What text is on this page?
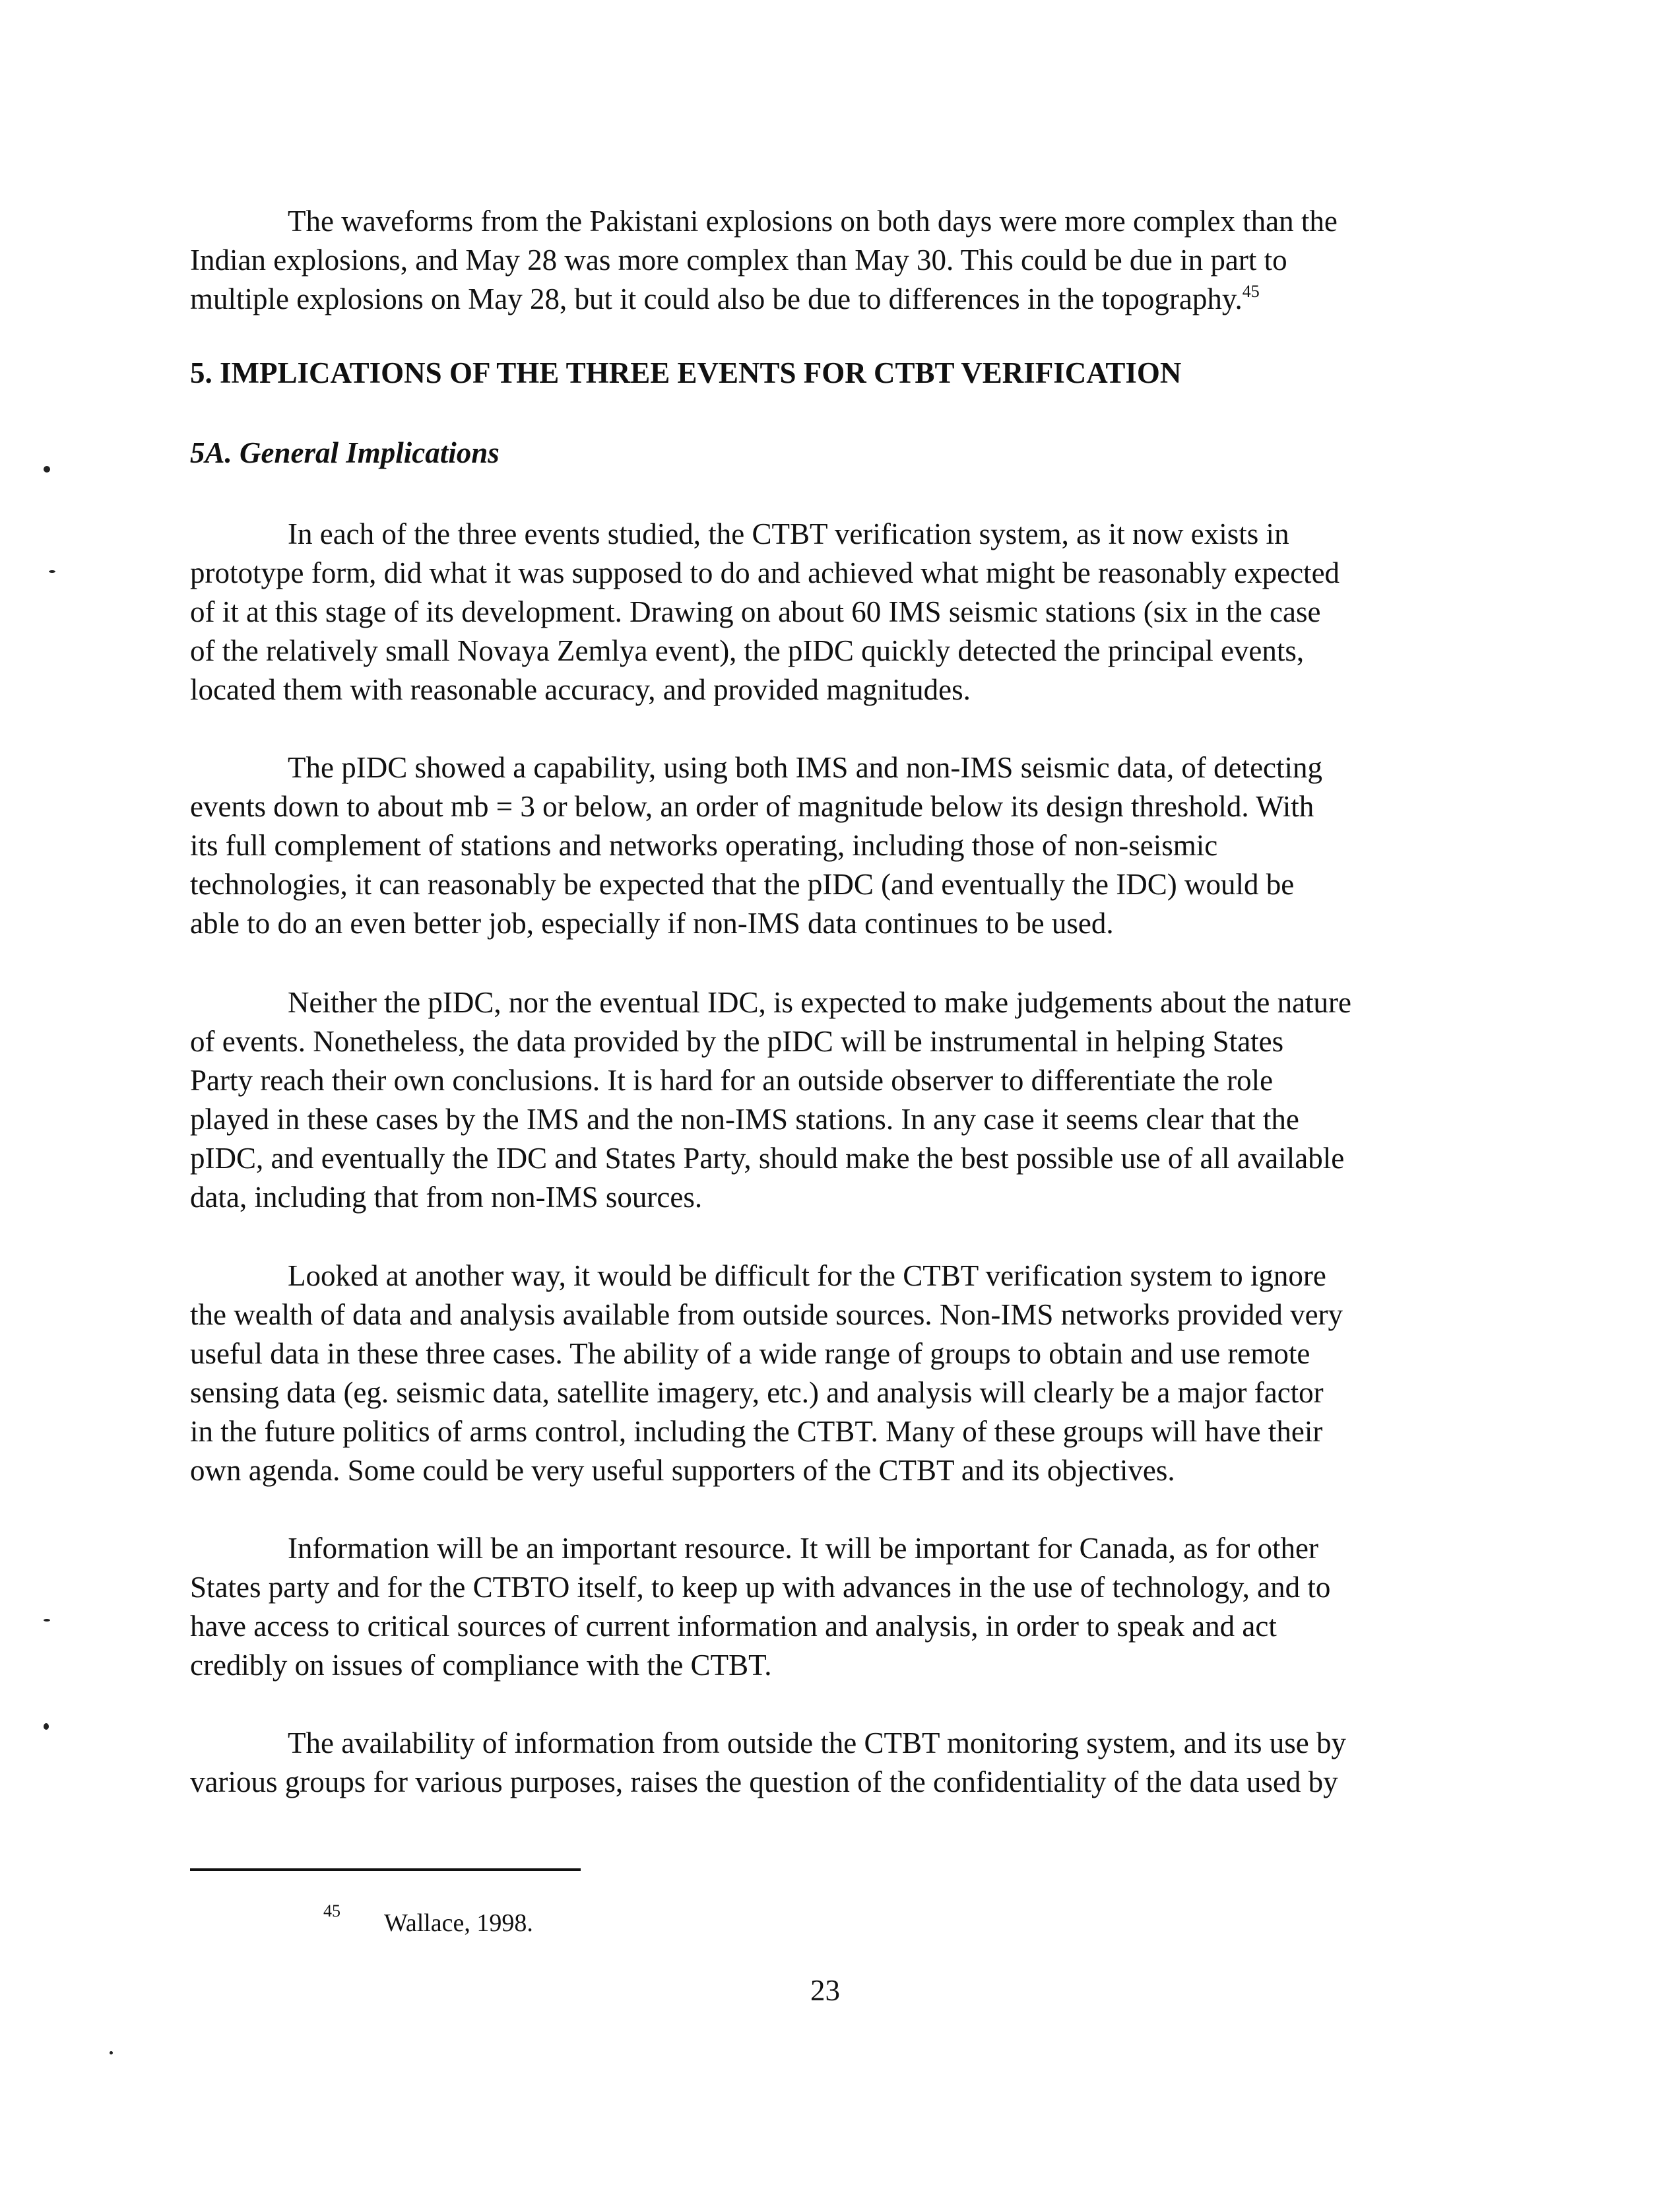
The waveforms from the Pakistani explosions on both days were more complex than the
Indian explosions, and May 28 was more complex than May 30. This could be due in part to
multiple explosions on May 28, but it could also be due to differences in the topography.$^{45}$
5. IMPLICATIONS OF THE THREE EVENTS FOR CTBT VERIFICATION
5A. General Implications
In each of the three events studied, the CTBT verification system, as it now exists in
prototype form, did what it was supposed to do and achieved what might be reasonably expected
of it at this stage of its development. Drawing on about 60 IMS seismic stations (six in the case
of the relatively small Novaya Zemlya event), the pIDC quickly detected the principal events,
located them with reasonable accuracy, and provided magnitudes.
The pIDC showed a capability, using both IMS and non-IMS seismic data, of detecting
events down to about mb = 3 or below, an order of magnitude below its design threshold. With
its full complement of stations and networks operating, including those of non-seismic
technologies, it can reasonably be expected that the pIDC (and eventually the IDC) would be
able to do an even better job, especially if non-IMS data continues to be used.
Neither the pIDC, nor the eventual IDC, is expected to make judgements about the nature
of events. Nonetheless, the data provided by the pIDC will be instrumental in helping States
Party reach their own conclusions. It is hard for an outside observer to differentiate the role
played in these cases by the IMS and the non-IMS stations. In any case it seems clear that the
pIDC, and eventually the IDC and States Party, should make the best possible use of all available
data, including that from non-IMS sources.
Looked at another way, it would be difficult for the CTBT verification system to ignore
the wealth of data and analysis available from outside sources. Non-IMS networks provided very
useful data in these three cases. The ability of a wide range of groups to obtain and use remote
sensing data (eg. seismic data, satellite imagery, etc.) and analysis will clearly be a major factor
in the future politics of arms control, including the CTBT. Many of these groups will have their
own agenda. Some could be very useful supporters of the CTBT and its objectives.
Information will be an important resource. It will be important for Canada, as for other
States party and for the CTBTO itself, to keep up with advances in the use of technology, and to
have access to critical sources of current information and analysis, in order to speak and act
credibly on issues of compliance with the CTBT.
The availability of information from outside the CTBT monitoring system, and its use by
various groups for various purposes, raises the question of the confidentiality of the data used by
45 Wallace, 1998.
23
